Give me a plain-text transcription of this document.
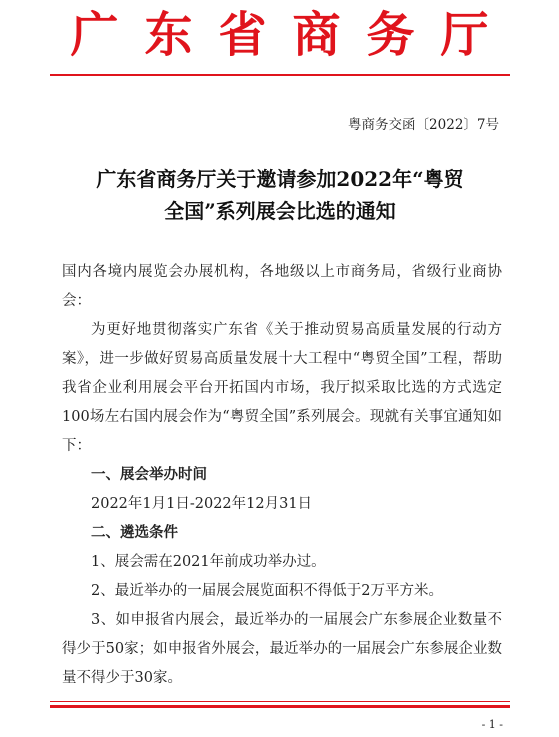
广东省商务厅
粤商务交函〔2022〕7号
广东省商务厅关于邀请参加2022年“粤贸
全国”系列展会比选的通知

国内各境内展览会办展机构，各地级以上市商务局，省级行业商协会：

为更好地贯彻落实广东省《关于推动贸易高质量发展的行动方案》，进一步做好贸易高质量发展十大工程中“粤贸全国”工程，帮助我省企业利用展会平台开拓国内市场，我厅拟采取比选的方式选定100场左右国内展会作为“粤贸全国”系列展会。现就有关事宜通知如下：

一、展会举办时间

2022年1月1日-2022年12月31日

二、遴选条件

1、展会需在2021年前成功举办过。

2、最近举办的一届展会展览面积不得低于2万平方米。

3、如申报省内展会，最近举办的一届展会广东参展企业数量不得少于50家；如申报省外展会，最近举办的一届展会广东参展企业数量不得少于30家。

- 1 -
